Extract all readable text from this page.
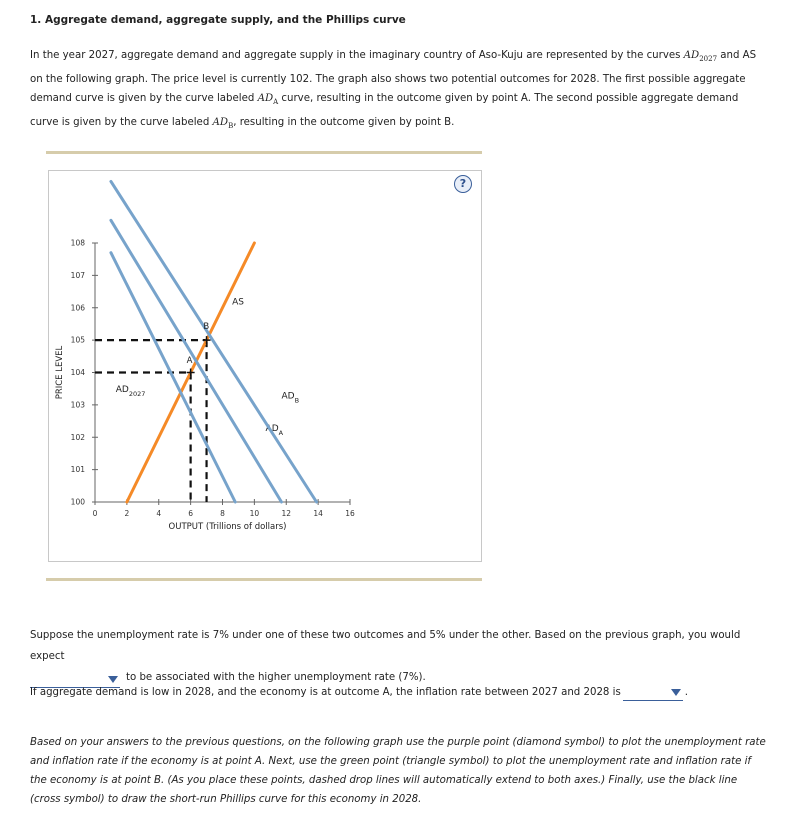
1. Aggregate demand, aggregate supply, and the Phillips curve
In the year 2027, aggregate demand and aggregate supply in the imaginary country of Aso-Kuju are represented by the curves $AD_{2027}$ and AS on the following graph. The price level is currently 102. The graph also shows two potential outcomes for 2028. The first possible aggregate demand curve is given by the curve labeled $AD_A$ curve, resulting in the outcome given by point A. The second possible aggregate demand curve is given by the curve labeled $AD_B$, resulting in the outcome given by point B.
?
0	2	4	6	8	10	12	14	16
100
101
102
103
104
105
106
107
108
OUTPUT (Trillions of dollars)
PRICE LEVEL
AS
$AD_{2027}$
$AD_A$
$AD_B$
A
B
Suppose the unemployment rate is 7% under one of these two outcomes and 5% under the other. Based on the previous graph, you would expect

to be associated with the higher unemployment rate (7%).
If aggregate demand is low in 2028, and the economy is at outcome A, the inflation rate between 2027 and 2028 is	.
Based on your answers to the previous questions, on the following graph use the purple point (diamond symbol) to plot the unemployment rate and inflation rate if the economy is at point A. Next, use the green point (triangle symbol) to plot the unemployment rate and inflation rate if the economy is at point B. (As you place these points, dashed drop lines will automatically extend to both axes.) Finally, use the black line (cross symbol) to draw the short-run Phillips curve for this economy in 2028.
